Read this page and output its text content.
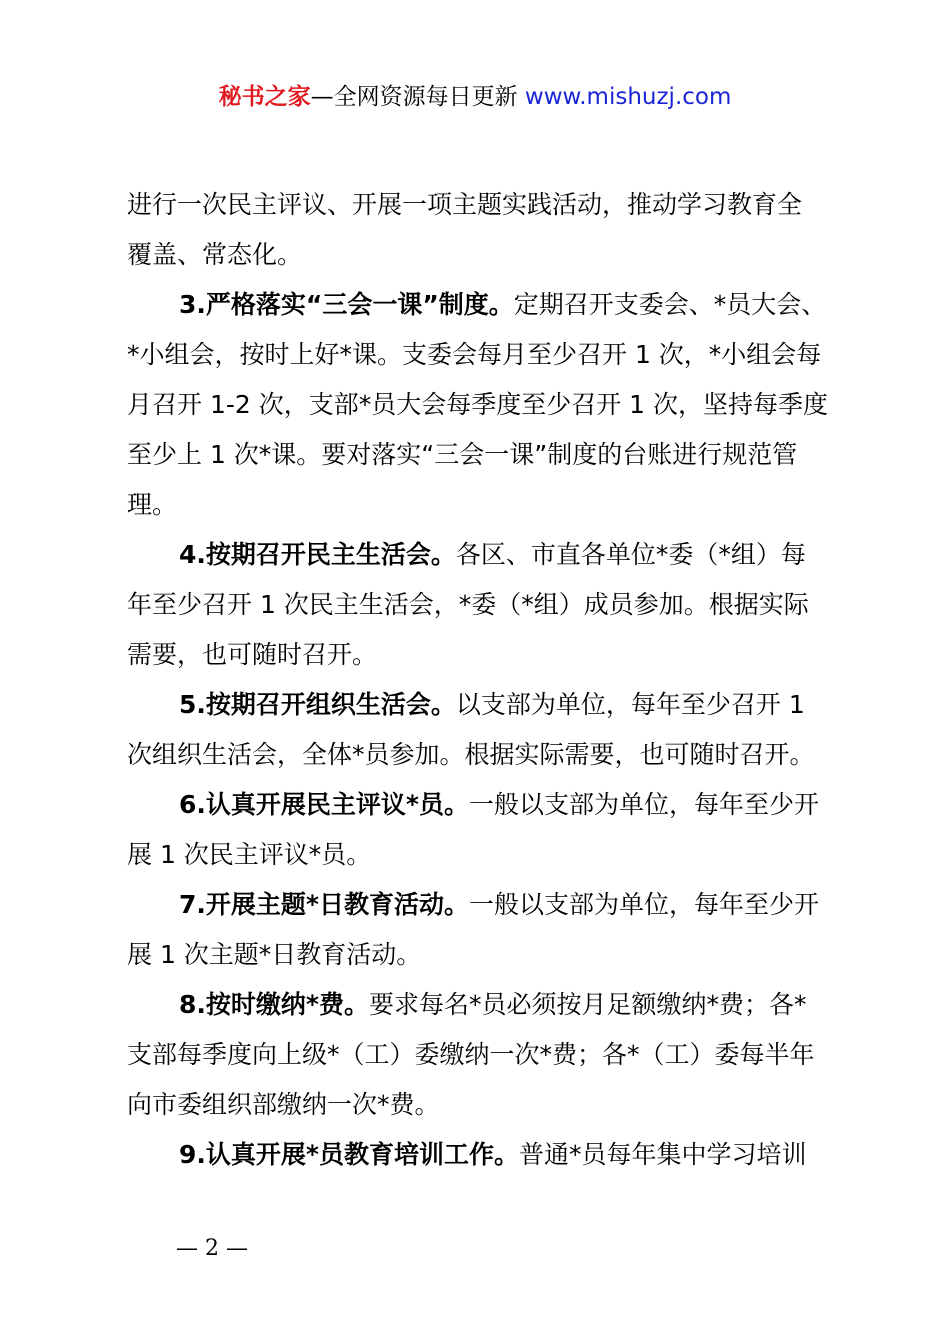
秘书之家—全网资源每日更新 www.mishuzj.com

进行一次民主评议、开展一项主题实践活动，推动学习教育全
覆盖、常态化。

3.严格落实“三会一课”制度。定期召开支委会、*员大会、
*小组会，按时上好*课。支委会每月至少召开 1 次，*小组会每
月召开 1-2 次，支部*员大会每季度至少召开 1 次，坚持每季度
至少上 1 次*课。要对落实“三会一课”制度的台账进行规范管
理。

4.按期召开民主生活会。各区、市直各单位*委（*组）每
年至少召开 1 次民主生活会，*委（*组）成员参加。根据实际
需要，也可随时召开。

5.按期召开组织生活会。以支部为单位，每年至少召开 1
次组织生活会，全体*员参加。根据实际需要，也可随时召开。

6.认真开展民主评议*员。一般以支部为单位，每年至少开
展 1 次民主评议*员。

7.开展主题*日教育活动。一般以支部为单位，每年至少开
展 1 次主题*日教育活动。

8.按时缴纳*费。要求每名*员必须按月足额缴纳*费；各*
支部每季度向上级*（工）委缴纳一次*费；各*（工）委每半年
向市委组织部缴纳一次*费。

9.认真开展*员教育培训工作。普通*员每年集中学习培训

— 2 —
